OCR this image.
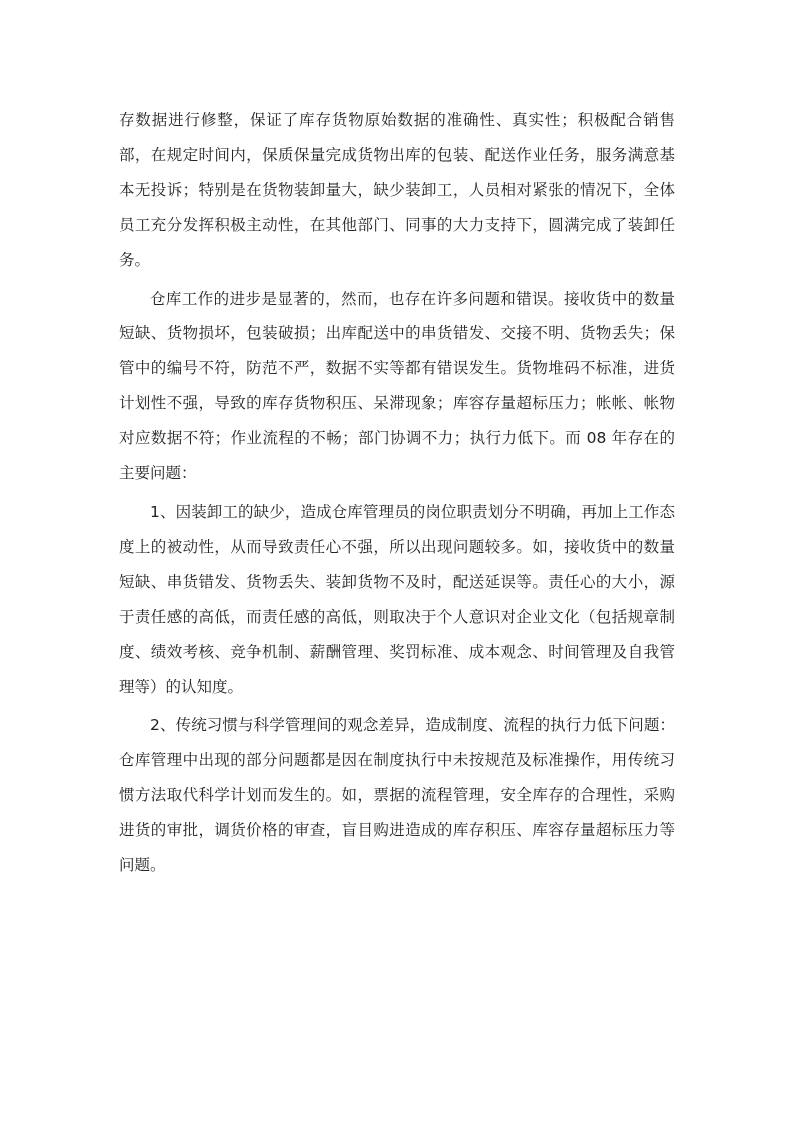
存数据进行修整，保证了库存货物原始数据的准确性、真实性；积极配合销售部，在规定时间内，保质保量完成货物出库的包装、配送作业任务，服务满意基本无投诉；特别是在货物装卸量大，缺少装卸工，人员相对紧张的情况下，全体员工充分发挥积极主动性，在其他部门、同事的大力支持下，圆满完成了装卸任务。

仓库工作的进步是显著的，然而，也存在许多问题和错误。接收货中的数量短缺、货物损坏，包装破损；出库配送中的串货错发、交接不明、货物丢失；保管中的编号不符，防范不严，数据不实等都有错误发生。货物堆码不标准，进货计划性不强，导致的库存货物积压、呆滞现象；库容存量超标压力；帐帐、帐物对应数据不符；作业流程的不畅；部门协调不力；执行力低下。而 08 年存在的主要问题：

1、因装卸工的缺少，造成仓库管理员的岗位职责划分不明确，再加上工作态度上的被动性，从而导致责任心不强，所以出现问题较多。如，接收货中的数量短缺、串货错发、货物丢失、装卸货物不及时，配送延误等。责任心的大小，源于责任感的高低，而责任感的高低，则取决于个人意识对企业文化（包括规章制度、绩效考核、竞争机制、薪酬管理、奖罚标准、成本观念、时间管理及自我管理等）的认知度。

2、传统习惯与科学管理间的观念差异，造成制度、流程的执行力低下问题：仓库管理中出现的部分问题都是因在制度执行中未按规范及标准操作，用传统习惯方法取代科学计划而发生的。如，票据的流程管理，安全库存的合理性，采购进货的审批，调货价格的审查，盲目购进造成的库存积压、库容存量超标压力等问题。
